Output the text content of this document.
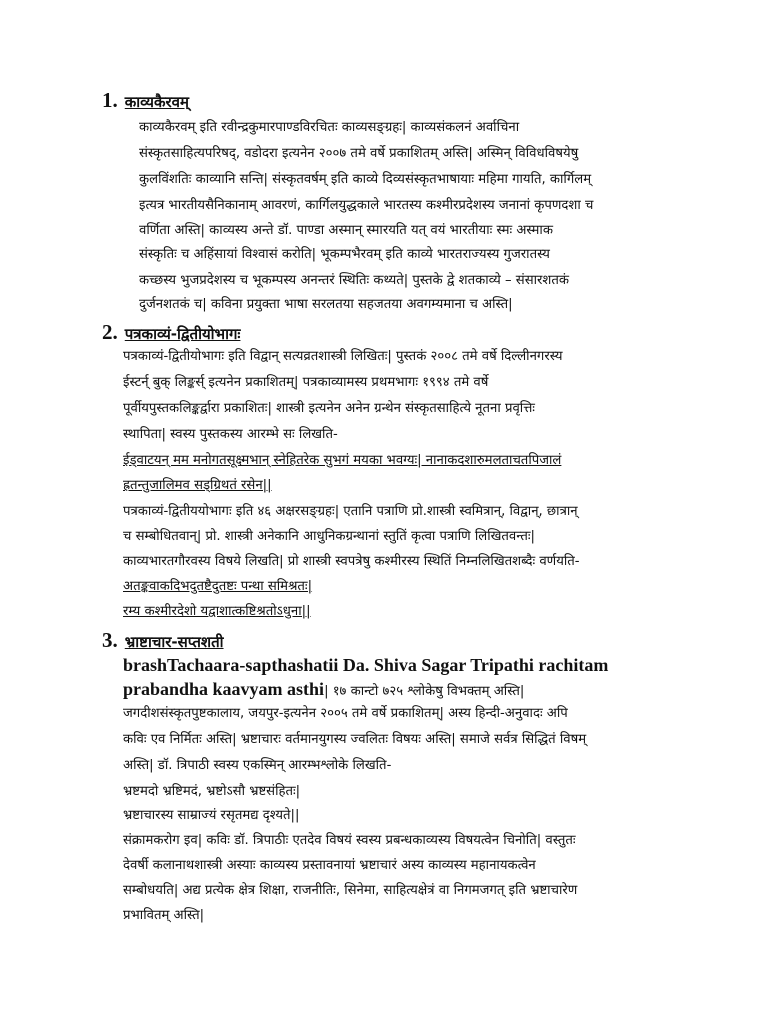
1. काव्यकैरवम्
काव्यकैरवम् इति रवीन्द्रकुमारपाण्डविरचितः काव्यसङ्ग्रहः| काव्यसंकलनं अर्वाचिना
संस्कृतसाहित्यपरिषद्, वडोदरा इत्यनेन २००७ तमे वर्षे प्रकाशितम् अस्ति| अस्मिन् विविधविषयेषु
कुलविंशतिः काव्यानि सन्ति| संस्कृतवर्षम् इति काव्ये दिव्यसंस्कृतभाषायाः महिमा गायति, कार्गिलम्
इत्यत्र भारतीयसैनिकानाम् आवरणं, कार्गिलयुद्धकाले भारतस्य कश्मीरप्रदेशस्य जनानां कृपणदशा च
वर्णिता अस्ति| काव्यस्य अन्ते डॉ. पाण्डा अस्मान् स्मारयति यत् वयं भारतीयाः स्मः अस्माक
संस्कृतिः च अहिंसायां विश्वासं करोति| भूकम्पभैरवम् इति काव्ये भारतराज्यस्य गुजरातस्य
कच्छस्य भुजप्रदेशस्य च भूकम्पस्य अनन्तरं स्थितिः कथ्यते| पुस्तके द्वे शतकाव्ये – संसारशतकं
दुर्जनशतकं च| कविना प्रयुक्ता भाषा सरलतया सहजतया अवगम्यमाना च अस्ति|
2. पत्रकाव्यं-द्वितीयोभागः
पत्रकाव्यं-द्वितीयोभागः इति विद्वान् सत्यव्रतशास्त्री लिखितः| पुस्तकं २००८ तमे वर्षे दिल्लीनगरस्य
ईस्टर्न् बुक् लिङ्कर्स् इत्यनेन प्रकाशितम्| पत्रकाव्यामस्य प्रथमभागः १९९४ तमे वर्षे
पूर्वीयपुस्तकलिङ्कर्द्वारा प्रकाशितः| शास्त्री इत्यनेन अनेन ग्रन्थेन संस्कृतसाहित्ये नूतना प्रवृत्तिः
स्थापिता| स्वस्य पुस्तकस्य आरम्भे सः लिखति-
ईड्वाटयन् मम मनोगतसूक्ष्मभान् स्नेहितरेक सुभगं मयका भवग्यः| नानाकदशारुमलताचतपिजालं
ह्रतन्तुजालिमव सड्ग्रिथतं रसेन||
पत्रकाव्यं-द्वितीययोभागः इति ४६ अक्षरसङ्ग्रहः| एतानि पत्राणि प्रो.शास्त्री स्वमित्रान्, विद्वान्, छात्रान्
च सम्बोधितवान्| प्रो. शास्त्री अनेकानि आधुनिकग्रन्थानां स्तुतिं कृत्वा पत्राणि लिखितवन्तः|
काव्यभारतगौरवस्य विषये लिखति| प्रो शास्त्री स्वपत्रेषु कश्मीरस्य स्थितिं निम्नलिखितशब्दैः वर्णयति-
अतङ्कवाकदिभदुतष्टैदुतष्टः पन्था समिश्रतः|
रम्य कश्मीरदेशो यद्वाशात्कष्टिश्रतोऽधुना||
3. भ्राष्टाचार-सप्तशती
brashTachaara-sapthashatii Da. Shiva Sagar Tripathi rachitam
prabandha kaavyam asthi| १७ कान्टो ७२५ श्लोकेषु विभक्तम् अस्ति|
जगदीशसंस्कृतपुष्टकालाय, जयपुर-इत्यनेन २००५ तमे वर्षे प्रकाशितम्| अस्य हिन्दी-अनुवादः अपि
कविः एव निर्मितः अस्ति| भ्रष्टाचारः वर्तमानयुगस्य ज्वलितः विषयः अस्ति| समाजे सर्वत्र सिद्धितं विषम्
अस्ति| डॉ. त्रिपाठी स्वस्य एकस्मिन् आरम्भश्लोके लिखति-
भ्रष्टमदो भ्रष्टिमदं, भ्रष्टोऽसौ भ्रष्टसंहितः|
भ्रष्टाचारस्य साम्राज्यं रसृतमद्य दृश्यते||
संक्रामकरोग इव| कविः डॉ. त्रिपाठीः एतदेव विषयं स्वस्य प्रबन्धकाव्यस्य विषयत्वेन चिनोति| वस्तुतः
देवर्षी कलानाथशास्त्री अस्याः काव्यस्य प्रस्तावनायां भ्रष्टाचारं अस्य काव्यस्य महानायकत्वेन
सम्बोधयति| अद्य प्रत्येक क्षेत्र शिक्षा, राजनीतिः, सिनेमा, साहित्यक्षेत्रं वा निगमजगत् इति भ्रष्टाचारेण
प्रभावितम् अस्ति|
